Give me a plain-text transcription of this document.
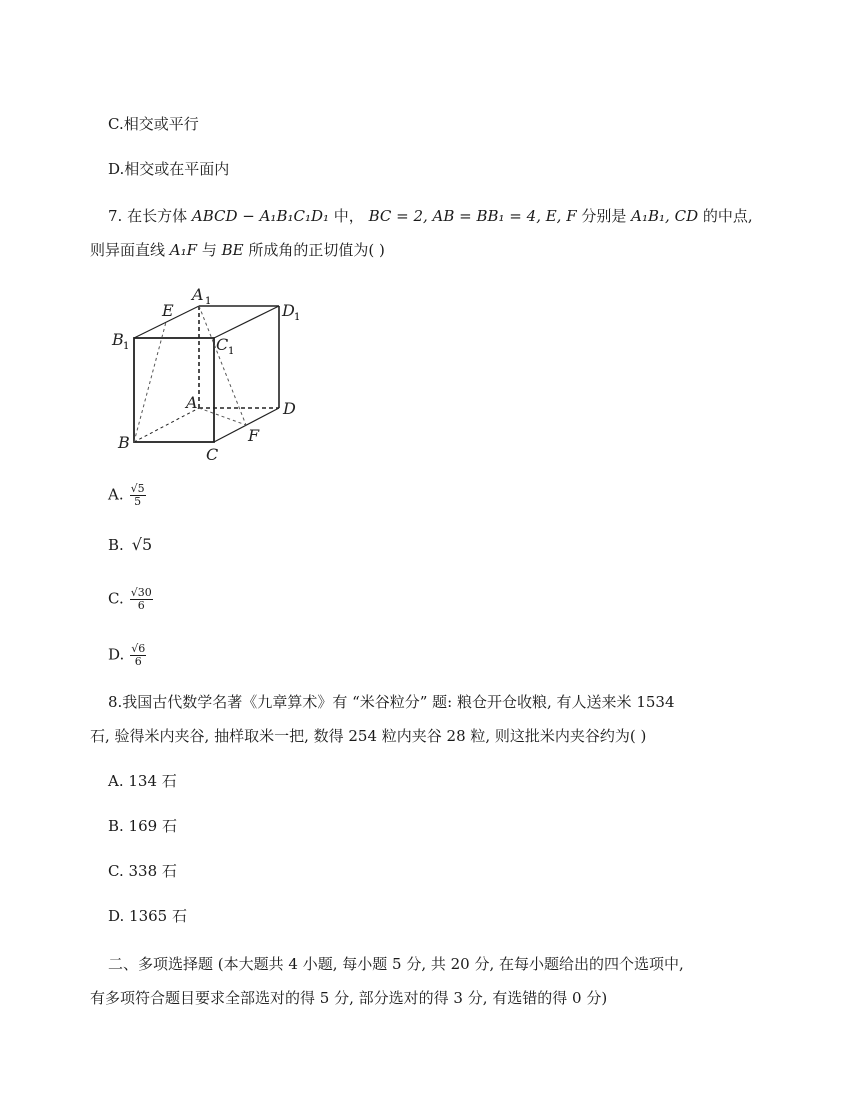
C.相交或平行
D.相交或在平面内
7. 在长方体 ABCD − A₁B₁C₁D₁ 中， BC = 2, AB = BB₁ = 4, E, F 分别是 A₁B₁, CD 的中点,
则异面直线 A₁F 与 BE 所成角的正切值为( )
E
A 1	D 1
B 1	C 1
A	D
B	F
C
A. $\frac{√5}{5}$
B. √5
C. $\frac{√30}{6}$
D. $\frac{√6}{6}$
8.我国古代数学名著《九章算术》有 “米谷粒分” 题: 粮仓开仓收粮, 有人送来米 1534
石, 验得米内夹谷, 抽样取米一把, 数得 254 粒内夹谷 28 粒, 则这批米内夹谷约为( )
A. 134 石
B. 169 石
C. 338 石
D. 1365 石
二、多项选择题 (本大题共 4 小题, 每小题 5 分, 共 20 分, 在每小题给出的四个选项中,
有多项符合题目要求全部选对的得 5 分, 部分选对的得 3 分, 有选错的得 0 分)
